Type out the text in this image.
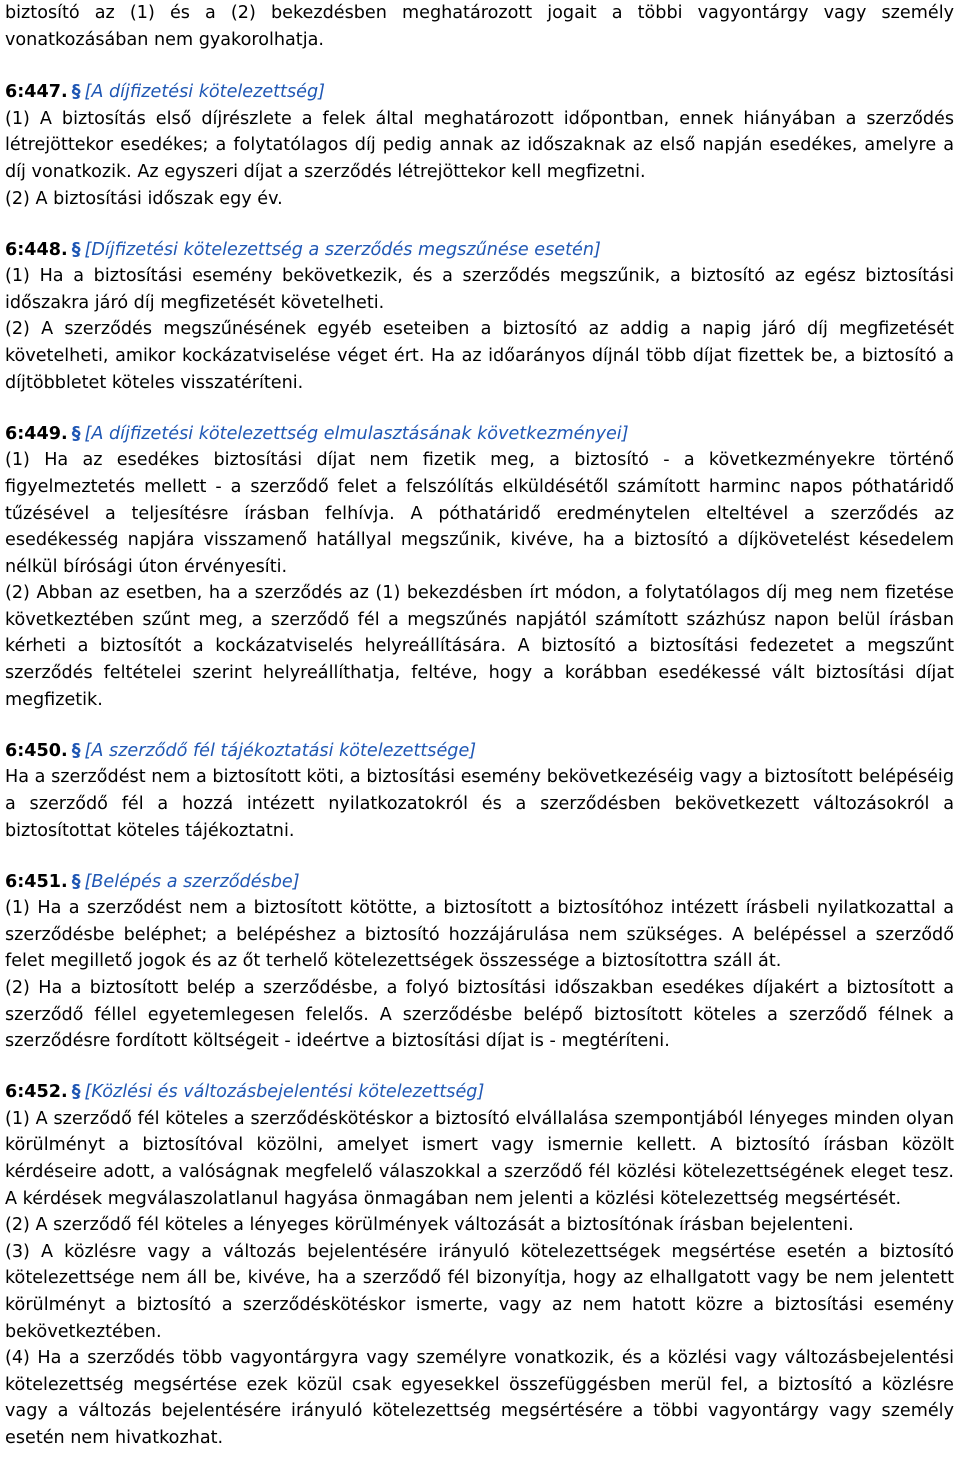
biztosító az (1) és a (2) bekezdésben meghatározott jogait a többi vagyontárgy vagy személy vonatkozásában nem gyakorolhatja.

6:447. § [A díjfizetési kötelezettség]

(1) A biztosítás első díjrészlete a felek által meghatározott időpontban, ennek hiányában a szerződés létrejöttekor esedékes; a folytatólagos díj pedig annak az időszaknak az első napján esedékes, amelyre a díj vonatkozik. Az egyszeri díjat a szerződés létrejöttekor kell megfizetni.

(2) A biztosítási időszak egy év.

6:448. § [Díjfizetési kötelezettség a szerződés megszűnése esetén]

(1) Ha a biztosítási esemény bekövetkezik, és a szerződés megszűnik, a biztosító az egész biztosítási időszakra járó díj megfizetését követelheti.

(2) A szerződés megszűnésének egyéb eseteiben a biztosító az addig a napig járó díj megfizetését követelheti, amikor kockázatviselése véget ért. Ha az időarányos díjnál több díjat fizettek be, a biztosító a díjtöbbletet köteles visszatéríteni.

6:449. § [A díjfizetési kötelezettség elmulasztásának következményei]

(1) Ha az esedékes biztosítási díjat nem fizetik meg, a biztosító - a következményekre történő figyelmeztetés mellett - a szerződő felet a felszólítás elküldésétől számított harminc napos póthatáridő tűzésével a teljesítésre írásban felhívja. A póthatáridő eredménytelen elteltével a szerződés az esedékesség napjára visszamenő hatállyal megszűnik, kivéve, ha a biztosító a díjkövetelést késedelem nélkül bírósági úton érvényesíti.

(2) Abban az esetben, ha a szerződés az (1) bekezdésben írt módon, a folytatólagos díj meg nem fizetése következtében szűnt meg, a szerződő fél a megszűnés napjától számított százhúsz napon belül írásban kérheti a biztosítót a kockázatviselés helyreállítására. A biztosító a biztosítási fedezetet a megszűnt szerződés feltételei szerint helyreállíthatja, feltéve, hogy a korábban esedékessé vált biztosítási díjat megfizetik.

6:450. § [A szerződő fél tájékoztatási kötelezettsége]

Ha a szerződést nem a biztosított köti, a biztosítási esemény bekövetkezéséig vagy a biztosított belépéséig a szerződő fél a hozzá intézett nyilatkozatokról és a szerződésben bekövetkezett változásokról a biztosítottat köteles tájékoztatni.

6:451. § [Belépés a szerződésbe]

(1) Ha a szerződést nem a biztosított kötötte, a biztosított a biztosítóhoz intézett írásbeli nyilatkozattal a szerződésbe beléphet; a belépéshez a biztosító hozzájárulása nem szükséges. A belépéssel a szerződő felet megillető jogok és az őt terhelő kötelezettségek összessége a biztosítottra száll át.

(2) Ha a biztosított belép a szerződésbe, a folyó biztosítási időszakban esedékes díjakért a biztosított a szerződő féllel egyetemlegesen felelős. A szerződésbe belépő biztosított köteles a szerződő félnek a szerződésre fordított költségeit - ideértve a biztosítási díjat is - megtéríteni.

6:452. § [Közlési és változásbejelentési kötelezettség]

(1) A szerződő fél köteles a szerződéskötéskor a biztosító elvállalása szempontjából lényeges minden olyan körülményt a biztosítóval közölni, amelyet ismert vagy ismernie kellett. A biztosító írásban közölt kérdéseire adott, a valóságnak megfelelő válaszokkal a szerződő fél közlési kötelezettségének eleget tesz. A kérdések megválaszolatlanul hagyása önmagában nem jelenti a közlési kötelezettség megsértését.

(2) A szerződő fél köteles a lényeges körülmények változását a biztosítónak írásban bejelenteni.

(3) A közlésre vagy a változás bejelentésére irányuló kötelezettségek megsértése esetén a biztosító kötelezettsége nem áll be, kivéve, ha a szerződő fél bizonyítja, hogy az elhallgatott vagy be nem jelentett körülményt a biztosító a szerződéskötéskor ismerte, vagy az nem hatott közre a biztosítási esemény bekövetkeztében.

(4) Ha a szerződés több vagyontárgyra vagy személyre vonatkozik, és a közlési vagy változásbejelentési kötelezettség megsértése ezek közül csak egyesekkel összefüggésben merül fel, a biztosító a közlésre vagy a változás bejelentésére irányuló kötelezettség megsértésére a többi vagyontárgy vagy személy esetén nem hivatkozhat.
